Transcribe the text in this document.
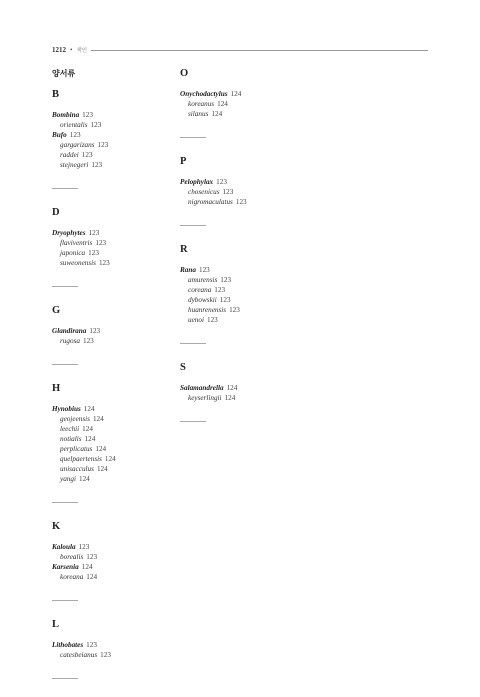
1212 • 색인
양서류
B
Bombina 123
orientalis 123
Bufo 123
gargarizans 123
raddei 123
stejnegeri 123
D
Dryophytes 123
flaviventris 123
japonica 123
suweonensis 123
G
Glandirana 123
rugosa 123
H
Hynobius 124
geojeensis 124
leechii 124
notialis 124
perplicatus 124
quelpaertensis 124
unisacculus 124
yangi 124
K
Kaloula 123
borealis 123
Karsenia 124
koreana 124
L
Lithobates 123
catesbeianus 123
O
Onychodactylus 124
koreanus 124
silanus 124
P
Pelophylax 123
chosenicus 123
nigromaculatus 123
R
Rana 123
amurensis 123
coreana 123
dybowskii 123
huanrenensis 123
uenoi 123
S
Salamandrella 124
keyserlingii 124
